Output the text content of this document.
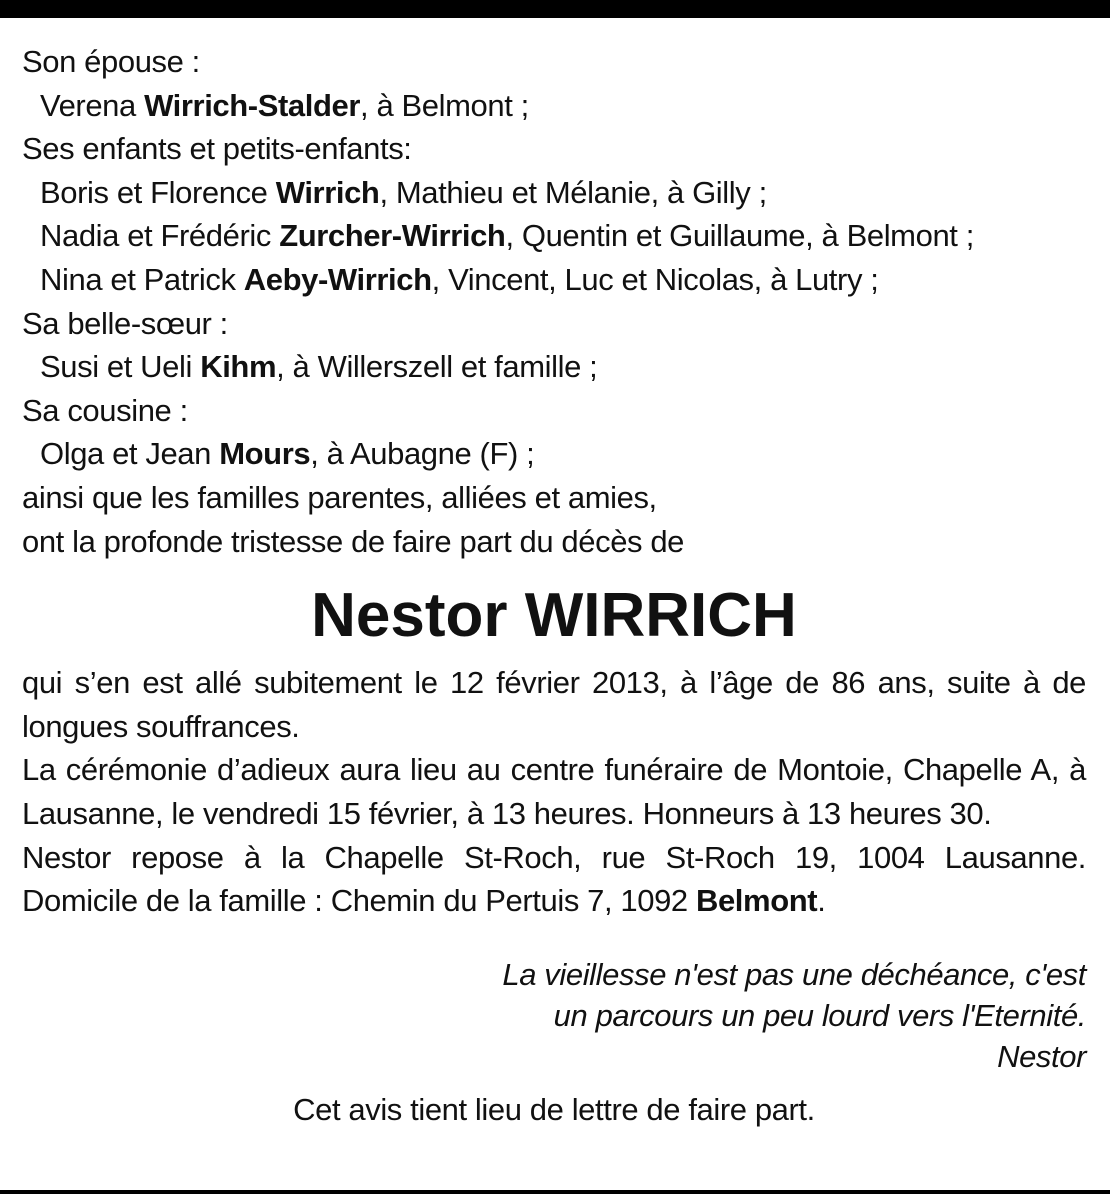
Son épouse :
Verena Wirrich-Stalder, à Belmont ;
Ses enfants et petits-enfants:
Boris et Florence Wirrich, Mathieu et Mélanie, à Gilly ;
Nadia et Frédéric Zurcher-Wirrich, Quentin et Guillaume, à Belmont ;
Nina et Patrick Aeby-Wirrich, Vincent, Luc et Nicolas, à Lutry ;
Sa belle-sœur :
Susi et Ueli Kihm, à Willerszell et famille ;
Sa cousine :
Olga et Jean Mours, à Aubagne (F) ;
ainsi que les familles parentes, alliées et amies,
ont la profonde tristesse de faire part du décès de
Nestor WIRRICH
qui s’en est allé subitement le 12 février 2013, à l’âge de 86 ans, suite à de longues souffrances.
La cérémonie d’adieux aura lieu au centre funéraire de Montoie, Chapelle A, à Lausanne, le vendredi 15 février, à 13 heures. Honneurs à 13 heures 30.
Nestor repose à la Chapelle St-Roch, rue St-Roch 19, 1004 Lausanne.
Domicile de la famille : Chemin du Pertuis 7, 1092 Belmont.
La vieillesse n'est pas une déchéance, c'est
un parcours un peu lourd vers l'Eternité.
Nestor
Cet avis tient lieu de lettre de faire part.
